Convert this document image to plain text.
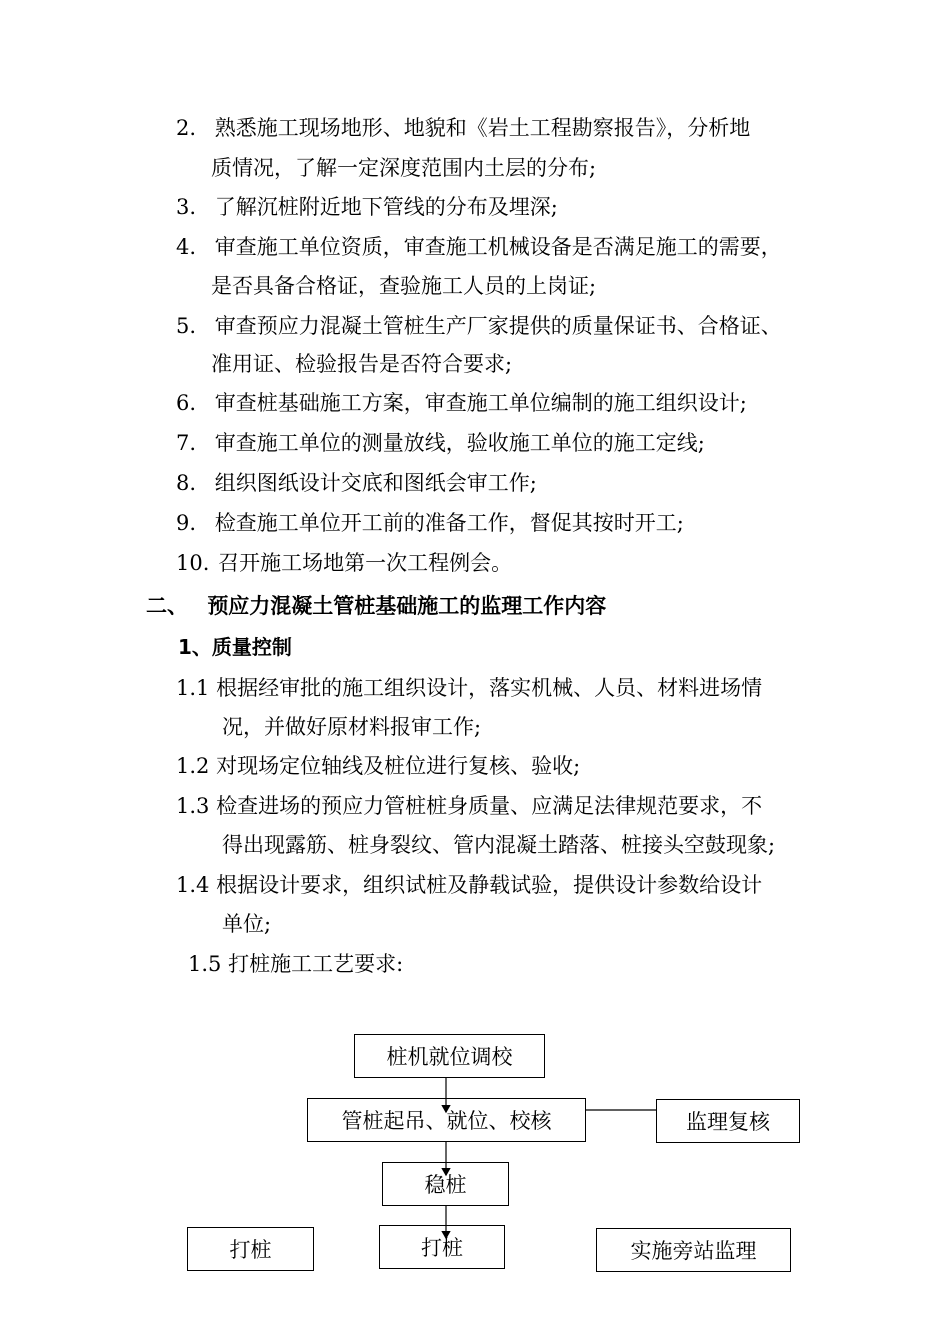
2. 熟悉施工现场地形、地貌和《岩土工程勘察报告》，分析地
质情况，了解一定深度范围内土层的分布;
3. 了解沉桩附近地下管线的分布及埋深;
4. 审查施工单位资质，审查施工机械设备是否满足施工的需要，
是否具备合格证，查验施工人员的上岗证;
5. 审查预应力混凝土管桩生产厂家提供的质量保证书、合格证、
准用证、检验报告是否符合要求;
6. 审查桩基础施工方案，审查施工单位编制的施工组织设计;
7. 审查施工单位的测量放线，验收施工单位的施工定线;
8. 组织图纸设计交底和图纸会审工作;
9. 检查施工单位开工前的准备工作，督促其按时开工;
10. 召开施工场地第一次工程例会。
二、 预应力混凝土管桩基础施工的监理工作内容
1、质量控制
1.1 根据经审批的施工组织设计，落实机械、人员、材料进场情
况，并做好原材料报审工作;
1.2 对现场定位轴线及桩位进行复核、验收;
1.3 检查进场的预应力管桩桩身质量、应满足法律规范要求，不
得出现露筋、桩身裂纹、管内混凝土踏落、桩接头空鼓现象;
1.4 根据设计要求，组织试桩及静载试验，提供设计参数给设计
单位;
1.5 打桩施工工艺要求:
桩机就位调校
管桩起吊、就位、校核	监理复核
稳桩
打桩
打桩	实施旁站监理
